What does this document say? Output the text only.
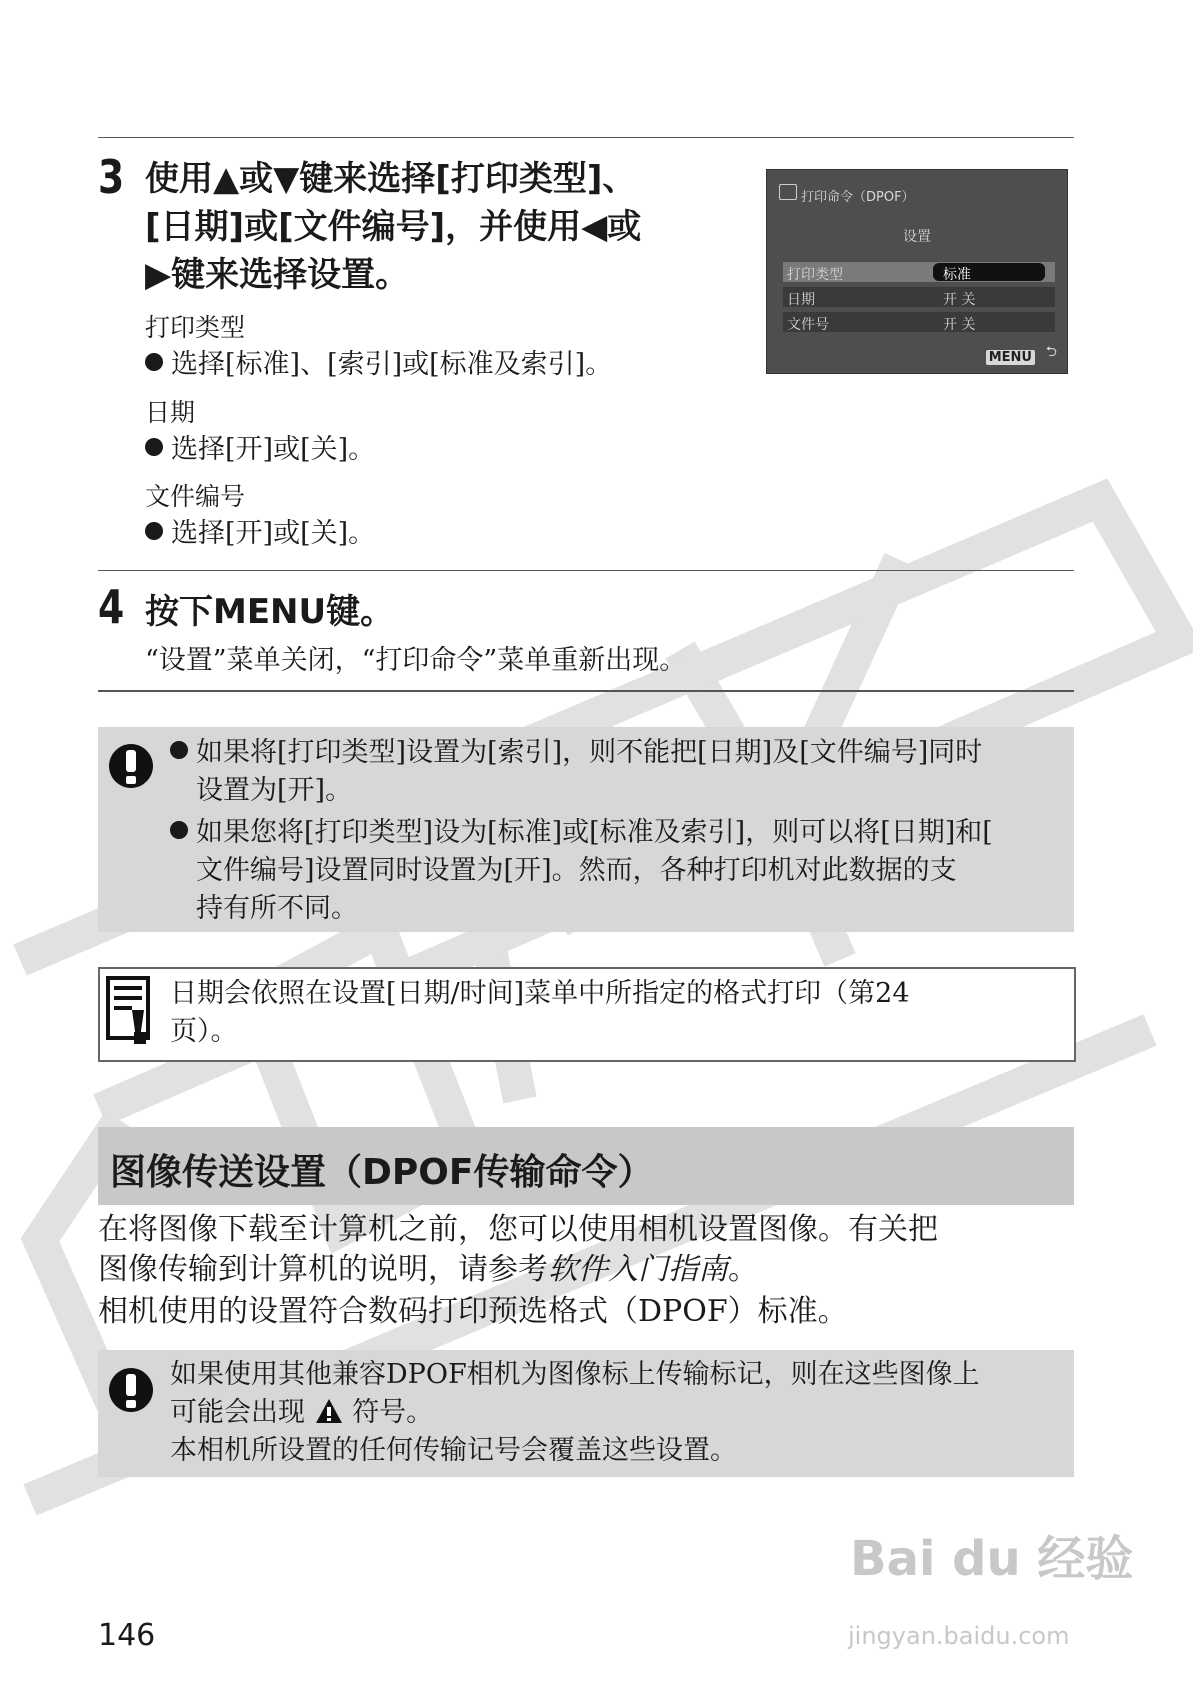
3 使用▲或▼键来选择[打印类型]、
[日期]或[文件编号]，并使用◀或
▶键来选择设置。
打印类型
选择[标准]、[索引]或[标准及索引]。
日期
选择[开]或[关]。
文件编号
选择[开]或[关]。
打印命令（DPOF）
设置
打印类型	标准
日期	开 关
文件号	开 关
MENU ⮌
4 按下MENU键。
“设置”菜单关闭，“打印命令”菜单重新出现。
如果将[打印类型]设置为[索引]，则不能把[日期]及[文件编号]同时
设置为[开]。
如果您将[打印类型]设为[标准]或[标准及索引]，则可以将[日期]和[
文件编号]设置同时设置为[开]。然而，各种打印机对此数据的支
持有所不同。
日期会依照在设置[日期/时间]菜单中所指定的格式打印（第24
页）。
图像传送设置（DPOF传输命令）
在将图像下载至计算机之前，您可以使用相机设置图像。有关把
图像传输到计算机的说明，请参考软件入门指南。
相机使用的设置符合数码打印预选格式（DPOF）标准。
如果使用其他兼容DPOF相机为图像标上传输标记，则在这些图像上
可能会出现 符号。
本相机所设置的任何传输记号会覆盖这些设置。
146
Bai du 经验
jingyan.baidu.com
